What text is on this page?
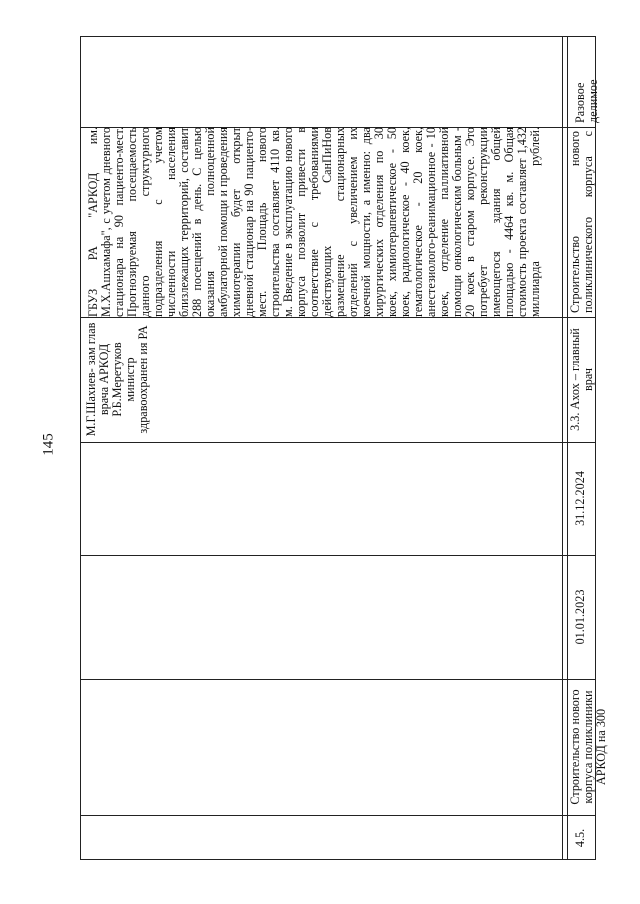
145
Разовое делимое

ГБУЗ РА "АРКОД им. М.Х.Ашхамафа", с учетом дневного стационара на 90 пациенто-мест. Прогнозируемая посещаемость данного структурного подразделения с учетом численности населения близлежащих территорий, составит 288 посещений в день. С целью оказания полноценной амбулаторной помощи и проведения химиотерапии будет открыт дневной стационар на 90 пациенто-мест. Площадь нового строительства составляет 4110 кв. м. Введение в эксплуатацию нового корпуса позволит привести в соответствие с требованиями действующих СанПиНов размещение стационарных отделений с увеличением их коечной мощности, а именно: два хирургических отделения по 30 коек, химиотерапевтическое - 50 коек, радиологическое - 40 коек, гематологическое - 20 коек, анестезиолого-реанимационное - 10 коек, отделение паллиативной помощи онкологическим больным - 20 коек в старом корпусе. Это потребует реконструкции имеющегося здания общей площадью - 4464 кв. м. Общая стоимость проекта составляет 1,432 миллиарда рублей.

М.Г.Шахиев- зам глав врача АРКОД Р.Б.Меретуков министр здравоохранен ия РА

Строительство нового поликлинического корпуса с
3.3. Ахох – главный врач
31.12.2024
01.01.2023
Строительство нового корпуса поликлиники АРКОД на 300
4.5.
